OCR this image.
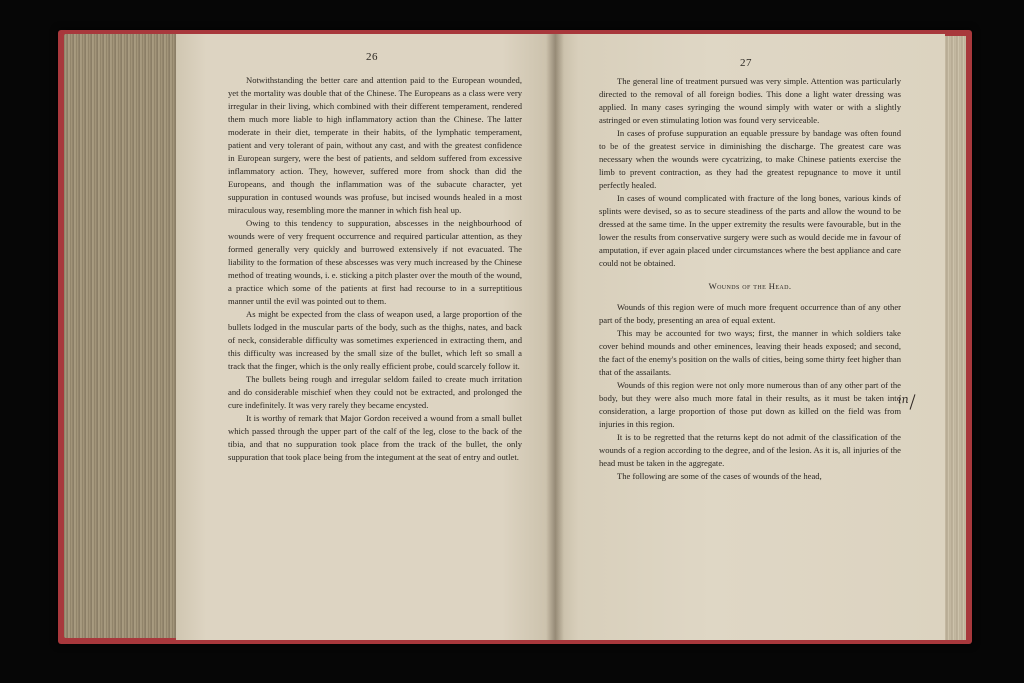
26

Notwithstanding the better care and attention paid to the European wounded, yet the mortality was double that of the Chinese. The Europeans as a class were very irregular in their living, which combined with their different temperament, rendered them much more liable to high inflammatory action than the Chinese. The latter moderate in their diet, temperate in their habits, of the lymphatic temperament, patient and very tolerant of pain, without any cast, and with the greatest confidence in European surgery, were the best of patients, and seldom suffered from excessive inflammatory action. They, however, suffered more from shock than did the Europeans, and though the inflammation was of the subacute character, yet suppuration in contused wounds was profuse, but incised wounds healed in a most miraculous way, resembling more the manner in which fish heal up.

Owing to this tendency to suppuration, abscesses in the neighbourhood of wounds were of very frequent occurrence and required particular attention, as they formed generally very quickly and burrowed extensively if not evacuated. The liability to the formation of these abscesses was very much increased by the Chinese method of treating wounds, i. e. sticking a pitch plaster over the mouth of the wound, a practice which some of the patients at first had recourse to in a surreptitious manner until the evil was pointed out to them.

As might be expected from the class of weapon used, a large proportion of the bullets lodged in the muscular parts of the body, such as the thighs, nates, and back of neck, considerable difficulty was sometimes experienced in extracting them, and this difficulty was increased by the small size of the bullet, which left so small a track that the finger, which is the only really efficient probe, could scarcely follow it.

The bullets being rough and irregular seldom failed to create much irritation and do considerable mischief when they could not be extracted, and prolonged the cure indefinitely. It was very rarely they became encysted.

It is worthy of remark that Major Gordon received a wound from a small bullet which passed through the upper part of the calf of the leg, close to the back of the tibia, and that no suppuration took place from the track of the bullet, the only suppuration that took place being from the integument at the seat of entry and outlet.

27

The general line of treatment pursued was very simple. Attention was particularly directed to the removal of all foreign bodies. This done a light water dressing was applied. In many cases syringing the wound simply with water or with a slightly astringed or even stimulating lotion was found very serviceable.

In cases of profuse suppuration an equable pressure by bandage was often found to be of the greatest service in diminishing the discharge. The greatest care was necessary when the wounds were cycatrizing, to make Chinese patients exercise the limb to prevent contraction, as they had the greatest repugnance to move it until perfectly healed.

In cases of wound complicated with fracture of the long bones, various kinds of splints were devised, so as to secure steadiness of the parts and allow the wound to be dressed at the same time. In the upper extremity the results were favourable, but in the lower the results from conservative surgery were such as would decide me in favour of amputation, if ever again placed under circumstances where the best appliance and care could not be obtained.

Wounds of the Head.

Wounds of this region were of much more frequent occurrence than of any other part of the body, presenting an area of equal extent.

This may be accounted for two ways; first, the manner in which soldiers take cover behind mounds and other eminences, leaving their heads exposed; and second, the fact of the enemy's position on the walls of cities, being some thirty feet higher than that of the assailants.

Wounds of this region were not only more numerous than of any other part of the body, but they were also much more fatal in their results, as it must be taken into consideration, a large proportion of those put down as killed on the field was from injuries in this region.

It is to be regretted that the returns kept do not admit of the classification of the wounds of a region according to the degree, and of the lesion. As it is, all injuries of the head must be taken in the aggregate.

The following are some of the cases of wounds of the head,

in
